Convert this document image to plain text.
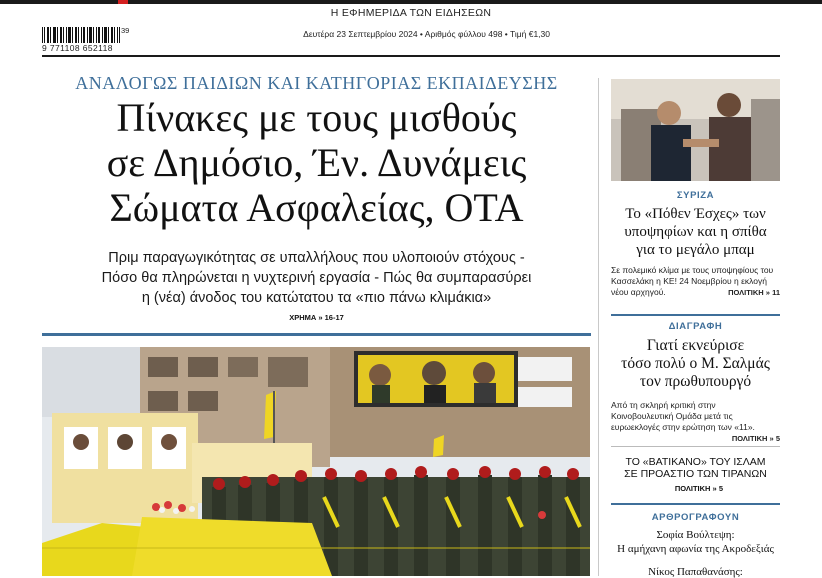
Η ΕΦΗΜΕΡΙΔΑ ΤΩΝ ΕΙΔΗΣΕΩΝ
39
9 771108 652118
Δευτέρα 23 Σεπτεμβρίου 2024 • Αριθμός φύλλου 498 • Τιμή €1,30
ΑΝΑΛΟΓΩΣ ΠΑΙΔΙΩΝ ΚΑΙ ΚΑΤΗΓΟΡΙΑΣ ΕΚΠΑΙΔΕΥΣΗΣ
Πίνακες με τους μισθούς
σε Δημόσιο, Έν. Δυνάμεις
Σώματα Ασφαλείας, ΟΤΑ
Πριμ παραγωγικότητας σε υπαλλήλους που υλοποιούν στόχους -
Πόσο θα πληρώνεται η νυχτερινή εργασία - Πώς θα συμπαρασύρει
η (νέα) άνοδος του κατώτατου τα «πιο πάνω κλιμάκια»
ΧΡΗΜΑ » 16-17
ΣΥΡΙΖΑ
Το «Πόθεν Έσχες» των
υποψηφίων και η σπίθα
για το μεγάλο μπαμ
Σε πολεμικό κλίμα με τους υποψηφίους του Κασσελάκη η ΚΕ! 24 Νοεμβρίου η εκλογή νέου αρχηγού.	ΠΟΛΙΤΙΚΗ » 11
ΔΙΑΓΡΑΦΗ
Γιατί εκνεύρισε
τόσο πολύ ο Μ. Σαλμάς
τον πρωθυπουργό
Από τη σκληρή κριτική στην Κοινοβουλευτική Ομάδα μετά τις ευρωεκλογές στην ερώτηση των «11».
ΠΟΛΙΤΙΚΗ » 5
ΤΟ «ΒΑΤΙΚΑΝΟ» ΤΟΥ ΙΣΛΑΜ
ΣΕ ΠΡΟΑΣΤΙΟ ΤΩΝ ΤΙΡΑΝΩΝ
ΠΟΛΙΤΙΚΗ » 5
ΑΡΘΡΟΓΡΑΦΟΥΝ
Σοφία Βούλτεψη:
Η αμήχανη αφωνία της Ακροδεξιάς
Νίκος Παπαθανάσης:
